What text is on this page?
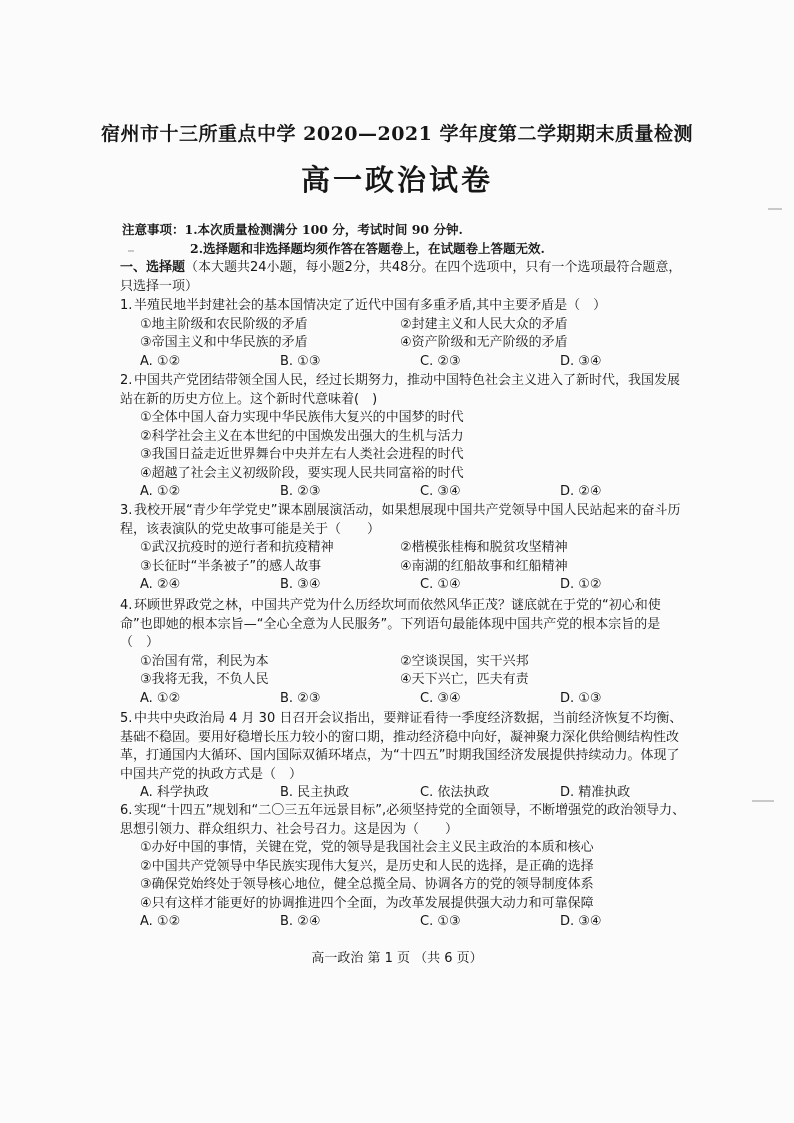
宿州市十三所重点中学 2020—2021 学年度第二学期期末质量检测
高一政治试卷
注意事项：1.本次质量检测满分 100 分，考试时间 90 分钟.
2.选择题和非选择题均须作答在答题卷上，在试题卷上答题无效.
一、选择题（本大题共24小题，每小题2分，共48分。在四个选项中，只有一个选项最符合题意，只选择一项）

1. 半殖民地半封建社会的基本国情决定了近代中国有多重矛盾,其中主要矛盾是（　）

①地主阶级和农民阶级的矛盾	②封建主义和人民大众的矛盾
③帝国主义和中华民族的矛盾	④资产阶级和无产阶级的矛盾
A. ①②	B. ①③	C. ②③	D. ③④

2. 中国共产党团结带领全国人民，经过长期努力，推动中国特色社会主义进入了新时代，我国发展站在新的历史方位上。这个新时代意味着(　)

①全体中国人奋力实现中华民族伟大复兴的中国梦的时代
②科学社会主义在本世纪的中国焕发出强大的生机与活力
③我国日益走近世界舞台中央并左右人类社会进程的时代
④超越了社会主义初级阶段，要实现人民共同富裕的时代
A. ①②	B. ②③	C. ③④	D. ②④

3. 我校开展“青少年学党史”课本剧展演活动，如果想展现中国共产党领导中国人民站起来的奋斗历程，该表演队的党史故事可能是关于（　　）

①武汉抗疫时的逆行者和抗疫精神	②楷模张桂梅和脱贫攻坚精神
③长征时“半条被子”的感人故事	④南湖的红船故事和红船精神
A. ②④	B. ③④	C. ①④	D. ①②

4. 环顾世界政党之林，中国共产党为什么历经坎坷而依然风华正茂？谜底就在于党的“初心和使命”也即她的根本宗旨—“全心全意为人民服务”。下列语句最能体现中国共产党的根本宗旨的是（　）

①治国有常，利民为本	②空谈误国，实干兴邦
③我将无我，不负人民	④天下兴亡，匹夫有责
A. ①②	B. ②③	C. ③④	D. ①③

5. 中共中央政治局 4 月 30 日召开会议指出，要辩证看待一季度经济数据，当前经济恢复不均衡、基础不稳固。要用好稳增长压力较小的窗口期，推动经济稳中向好，凝神聚力深化供给侧结构性改革，打通国内大循环、国内国际双循环堵点，为“十四五”时期我国经济发展提供持续动力。体现了中国共产党的执政方式是（　）

A. 科学执政	B. 民主执政	C. 依法执政	D. 精准执政

6. 实现“十四五”规划和“二〇三五年远景目标”,必须坚持党的全面领导，不断增强党的政治领导力、思想引领力、群众组织力、社会号召力。这是因为（　　）

①办好中国的事情，关键在党，党的领导是我国社会主义民主政治的本质和核心
②中国共产党领导中华民族实现伟大复兴，是历史和人民的选择，是正确的选择
③确保党始终处于领导核心地位，健全总揽全局、协调各方的党的领导制度体系
④只有这样才能更好的协调推进四个全面，为改革发展提供强大动力和可靠保障
A. ①②	B. ②④	C. ①③	D. ③④
高一政治 第 1 页 （共 6 页）
